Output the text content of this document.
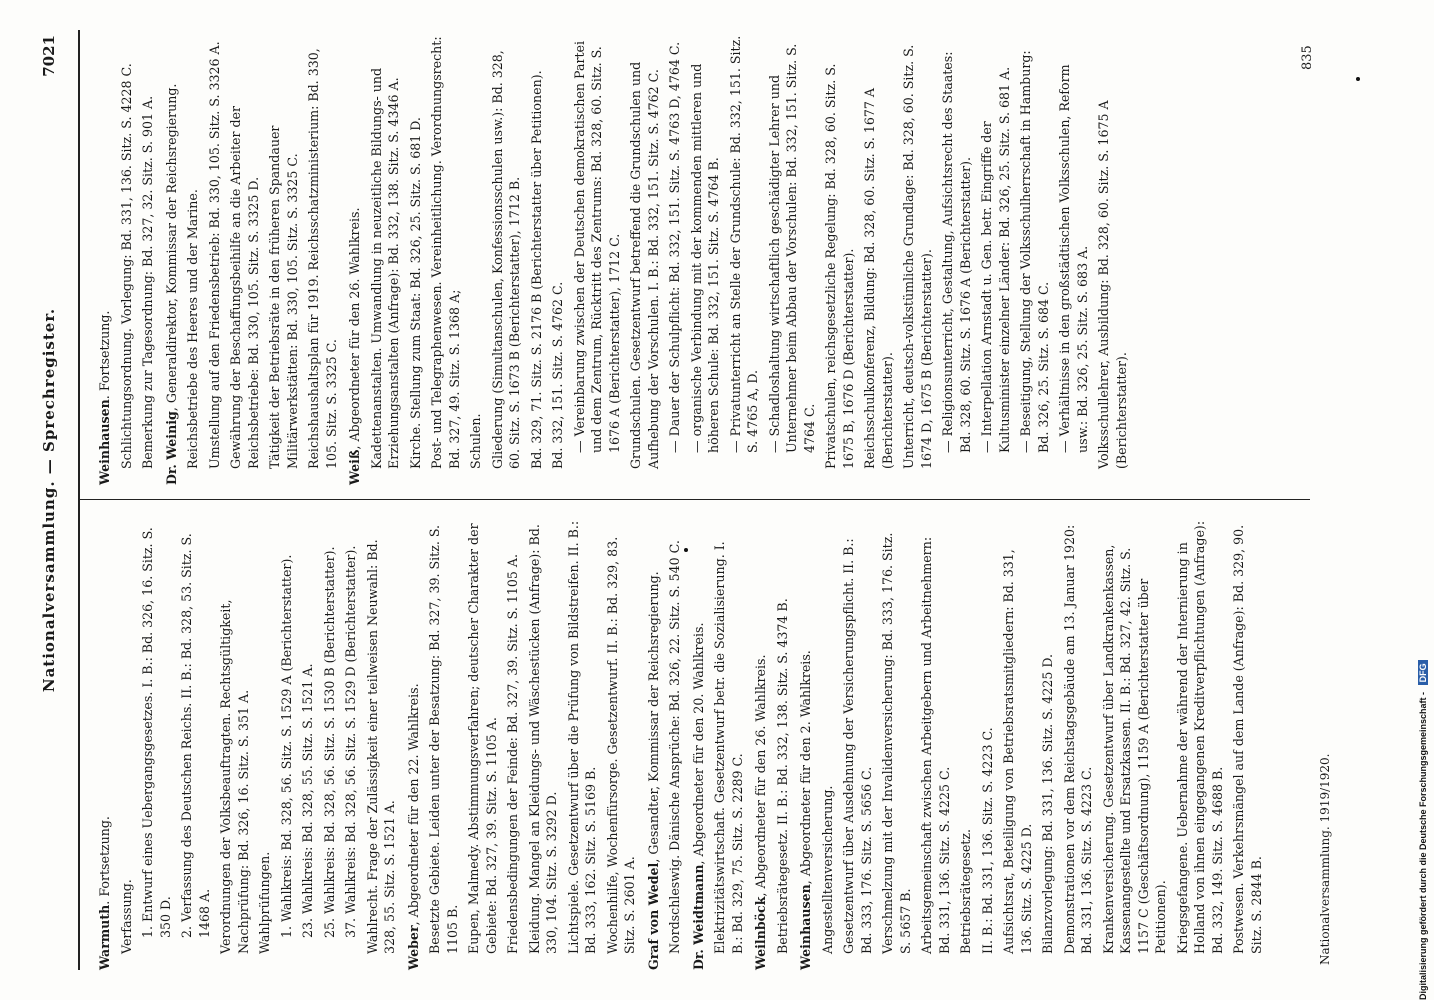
Nationalversammlung. — Sprechregister.
7021
Warmuth. Fortsetzung.
Verfassung. 1. Entwurf eines Uebergangsgesetzes. I. B.: Bd. 326, 16. Sitz. S. 350 D. 2. Verfassung des Deutschen Reichs. II. B.: Bd. 328, 53. Sitz. S. 1468 A. Verordnungen der Volksbeauftragten. Rechtsgültigkeit, Nachprüfung: Bd. 326, 16. Sitz. S. 351 A. Wahlprüfungen. 1. Wahlkreis: Bd. 328, 56. Sitz. S. 1529 A (Berichterstatter). 23. Wahlkreis: Bd. 328, 55. Sitz. S. 1521 A. 25. Wahlkreis: Bd. 328, 56. Sitz. S. 1530 B (Berichterstatter). 37. Wahlkreis: Bd. 328, 56. Sitz. S. 1529 D (Berichterstatter). Wahlrecht. Frage der Zulässigkeit einer teilweisen Neuwahl: Bd. 328, 55. Sitz. S. 1521 A. Weber, Abgeordneter für den 22. Wahlkreis. Besetzte Gebiete. Leiden unter der Besatzung: Bd. 327, 39. Sitz. S. 1105 B. Eupen, Malmedy. Abstimmungsverfahren; deutscher Charakter der Gebiete: Bd. 327, 39. Sitz. S. 1105 A. Friedensbedingungen der Feinde: Bd. 327, 39. Sitz. S. 1105 A. Kleidung. Mangel an Kleidungs- und Wäschestücken (Anfrage): Bd. 330, 104. Sitz. S. 3292 D. Lichtspiele. Gesetzentwurf über die Prüfung von Bildstreifen. II. B.: Bd. 333, 162. Sitz. S. 5169 B. Wochenhilfe, Wochenfürsorge. Gesetzentwurf. II. B.: Bd. 329, 83. Sitz. S. 2601 A. Graf von Wedel, Gesandter, Kommissar der Reichsregierung. Nordschleswig. Dänische Ansprüche: Bd. 326, 22. Sitz. S. 540 C. Dr. Weidtmann, Abgeordneter für den 20. Wahlkreis. Elektrizitätswirtschaft. Gesetzentwurf betr. die Sozialisierung. I. B.: Bd. 329, 75. Sitz. S. 2289 C. Weilnböck, Abgeordneter für den 26. Wahlkreis. Betriebsrätegesetz. II. B.: Bd. 332, 138. Sitz. S. 4374 B. Weinhausen, Abgeordneter für den 2. Wahlkreis. Angestelltenversicherung. Gesetzentwurf über Ausdehnung der Versicherungspflicht. II. B.: Bd. 333, 176. Sitz. S. 5656 C. Verschmelzung mit der Invalidenversicherung: Bd. 333, 176. Sitz. S. 5657 B. Arbeitsgemeinschaft zwischen Arbeitgebern und Arbeitnehmern: Bd. 331, 136. Sitz. S. 4225 C. Betriebsrätegesetz. II. B.: Bd. 331, 136. Sitz. S. 4223 C. Aufsichtsrat, Beteiligung von Betriebsratsmitgliedern: Bd. 331, 136. Sitz. S. 4225 D. Bilanzvorlegung: Bd. 331, 136. Sitz. S. 4225 D. Demonstrationen vor dem Reichstagsgebäude am 13. Januar 1920: Bd. 331, 136. Sitz. S. 4223 C. Krankenversicherung. Gesetzentwurf über Landkrankenkassen, Kassenangestellte und Ersatzkassen. II. B.: Bd. 327, 42. Sitz. S. 1157 C (Geschäftsordnung), 1159 A (Berichterstatter über Petitionen). Kriegsgefangene. Uebernahme der während der Internierung in Holland von ihnen eingegangenen Kreditverpflichtungen (Anfrage): Bd. 332, 149. Sitz. S. 4688 B. Postwesen. Verkehrsmängel auf dem Lande (Anfrage): Bd. 329, 90. Sitz. S. 2844 B.
Weinhausen. Fortsetzung. Schlichtungsordnung. Vorlegung: Bd. 331, 136. Sitz. S. 4228 C. Bemerkung zur Tagesordnung: Bd. 327, 32. Sitz. S. 901 A. Dr. Weinig, Generaldirektor, Kommissar der Reichsregierung. Reichsbetriebe des Heeres und der Marine. Umstellung auf den Friedensbetrieb: Bd. 330, 105. Sitz. S. 3326 A. Gewährung der Beschaffungsbeihilfe an die Arbeiter der Reichsbetriebe: Bd. 330, 105. Sitz. S. 3325 D. Tätigkeit der Betriebsräte in den früheren Spandauer Militärwerkstätten: Bd. 330, 105. Sitz. S. 3325 C. Reichshaushaltsplan für 1919. Reichsschatzministerium: Bd. 330, 105. Sitz. S. 3325 C. Weiß, Abgeordneter für den 26. Wahlkreis. Kadettenanstalten. Umwandlung in neuzeitliche Bildungs- und Erziehungsanstalten (Anfrage): Bd. 332, 138. Sitz. S. 4346 A. Kirche. Stellung zum Staat: Bd. 326, 25. Sitz. S. 681 D. Post- und Telegraphenwesen. Vereinheitlichung. Verordnungsrecht: Bd. 327, 49. Sitz. S. 1368 A; Schulen. Gliederung (Simultanschulen, Konfessionsschulen usw.): Bd. 328, 60. Sitz. S. 1673 B (Berichterstatter), 1712 B. Bd. 329, 71. Sitz. S. 2176 B (Berichterstatter über Petitionen). Bd. 332, 151. Sitz. S. 4762 C. — Vereinbarung zwischen der Deutschen demokratischen Partei und dem Zentrum, Rücktritt des Zentrums: Bd. 328, 60. Sitz. S. 1676 A (Berichterstatter), 1712 C. Grundschulen. Gesetzentwurf betreffend die Grundschulen und Aufhebung der Vorschulen. I. B.: Bd. 332, 151. Sitz. S. 4762 C. — Dauer der Schulpflicht: Bd. 332, 151. Sitz. S. 4763 D, 4764 C. — organische Verbindung mit der kommenden mittleren und höheren Schule: Bd. 332, 151. Sitz. S. 4764 B. — Privatunterricht an Stelle der Grundschule: Bd. 332, 151. Sitz. S. 4765 A, D. — Schadloshaltung wirtschaftlich geschädigter Lehrer und Unternehmer beim Abbau der Vorschulen: Bd. 332, 151. Sitz. S. 4764 C. Privatschulen, reichsgesetzliche Regelung: Bd. 328, 60. Sitz. S. 1675 B, 1676 D (Berichterstatter). Reichsschulkonferenz, Bildung: Bd. 328, 60. Sitz. S. 1677 A (Berichterstatter). Unterricht, deutsch-volkstümliche Grundlage: Bd. 328, 60. Sitz. S. 1674 D, 1675 B (Berichterstatter). — Religionsunterricht, Gestaltung, Aufsichtsrecht des Staates: Bd. 328, 60. Sitz. S. 1676 A (Berichterstatter). — Interpellation Arnstadt u. Gen. betr. Eingriffe der Kultusminister einzelner Länder: Bd. 326, 25. Sitz. S. 681 A. — Beseitigung, Stellung der Volksschulherrschaft in Hamburg: Bd. 326, 25. Sitz. S. 684 C. — Verhältnisse in den großstädtischen Volksschulen, Reform usw.: Bd. 326, 25. Sitz. S. 683 A. Volksschullehrer, Ausbildung: Bd. 328, 60. Sitz. S. 1675 A (Berichterstatter).
Nationalversammlung. 1919/1920.
835
Digitalisierung gefördert durch die Deutsche Forschungsgemeinschaft - DFG
